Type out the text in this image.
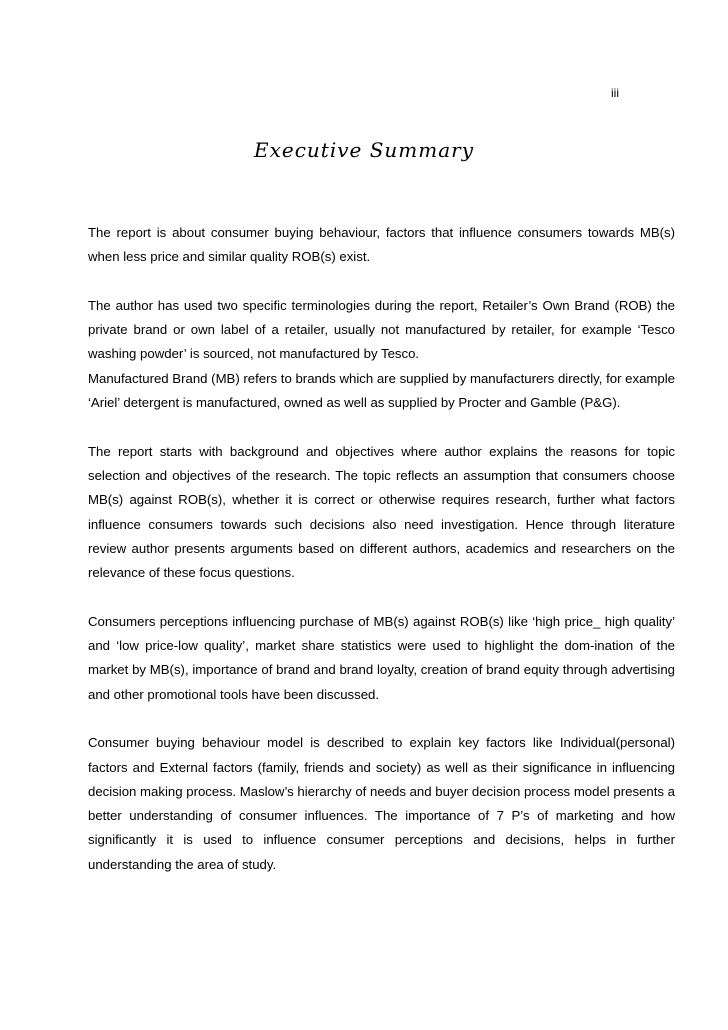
iii
Executive Summary

The report is about consumer buying behaviour, factors that influence consumers towards MB(s) when less price and similar quality ROB(s) exist.

The author has used two specific terminologies during the report, Retailer’s Own Brand (ROB) the private brand or own label of a retailer, usually not manufactured by retailer, for example ‘Tesco washing powder’ is sourced, not manufactured by Tesco.

Manufactured Brand (MB) refers to brands which are supplied by manufacturers directly, for example ‘Ariel’ detergent is manufactured, owned as well as supplied by Procter and Gamble (P&G).

The report starts with background and objectives where author explains the reasons for topic selection and objectives of the research. The topic reflects an assumption that consumers choose MB(s) against ROB(s), whether it is correct or otherwise requires research, further what factors influence consumers towards such decisions also need investigation. Hence through literature review author presents arguments based on different authors, academics and researchers on the relevance of these focus questions.

Consumers perceptions influencing purchase of MB(s) against ROB(s) like ‘high price_ high quality’ and ‘low price-low quality’, market share statistics were used to highlight the dom-ination of the market by MB(s), importance of brand and brand loyalty, creation of brand equity through advertising and other promotional tools have been discussed.

Consumer buying behaviour model is described to explain key factors like Individual(personal) factors and External factors (family, friends and society) as well as their significance in influencing decision making process. Maslow’s hierarchy of needs and buyer decision process model presents a better understanding of consumer influences. The importance of 7 P’s of marketing and how significantly it is used to influence consumer perceptions and decisions, helps in further understanding the area of study.
